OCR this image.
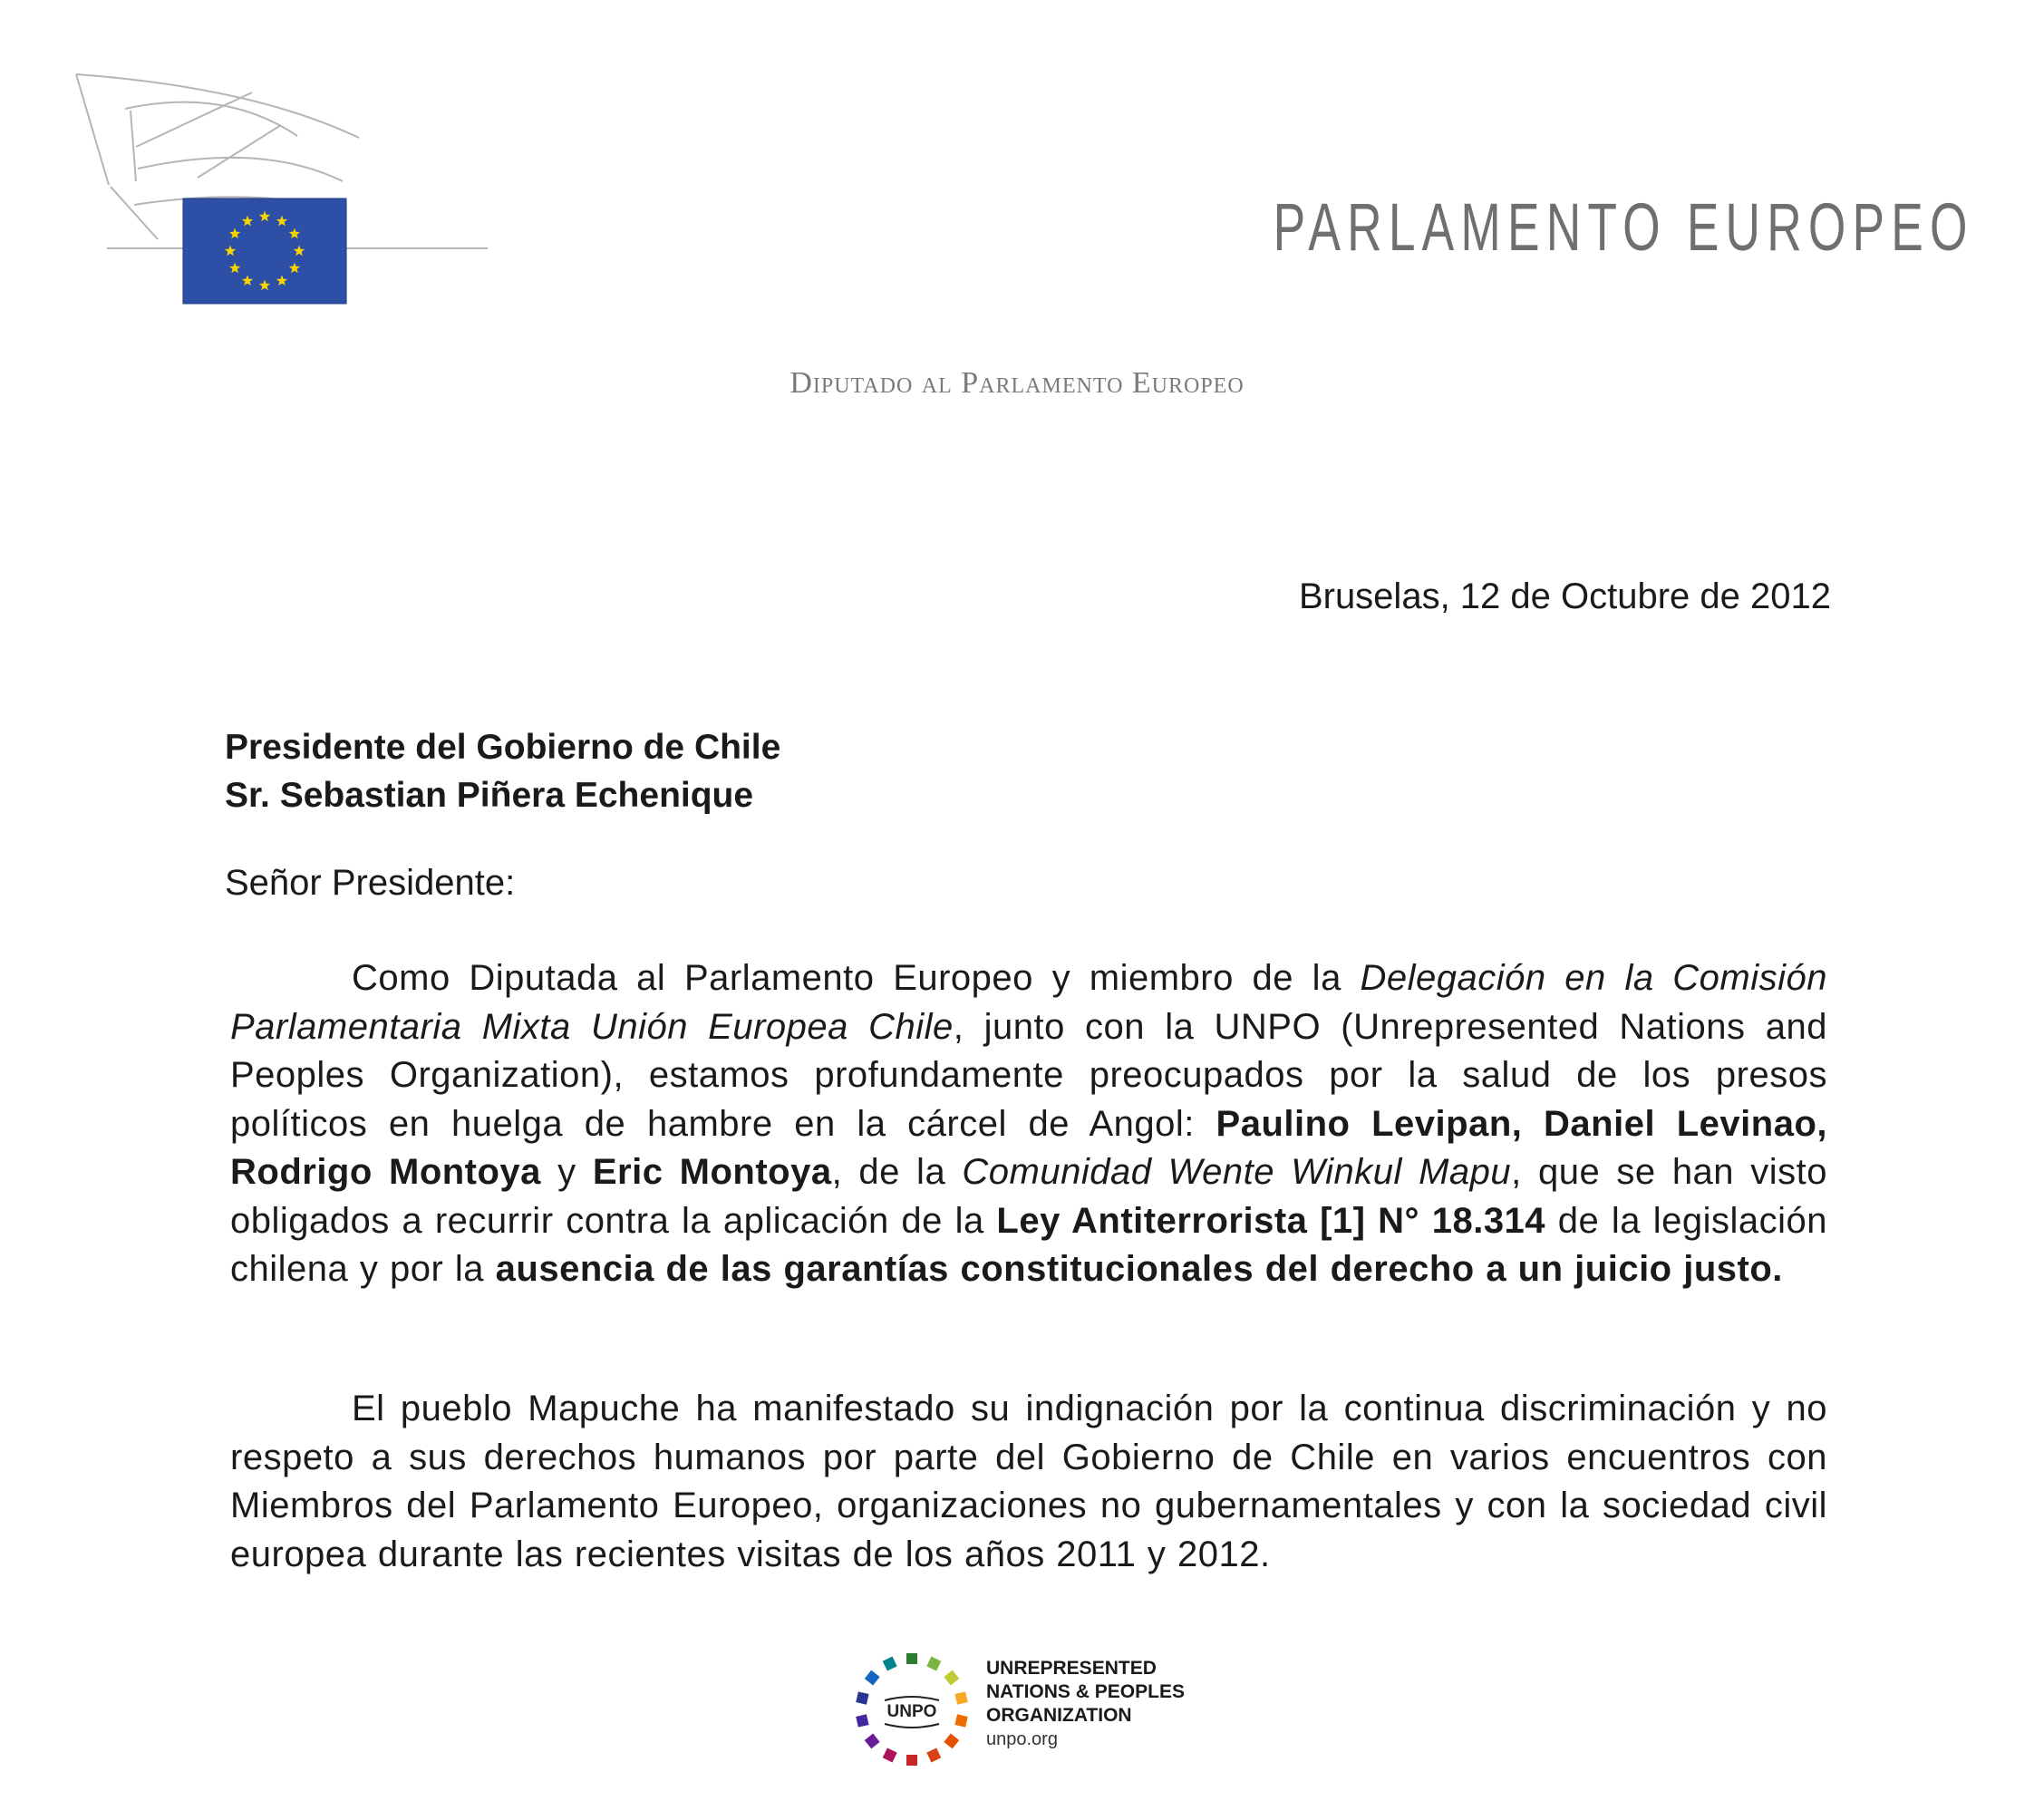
PARLAMENTO EUROPEO
Diputado al Parlamento Europeo
Bruselas, 12 de Octubre de 2012
Presidente del Gobierno de Chile
Sr. Sebastian Piñera Echenique
Señor Presidente:
Como Diputada al Parlamento Europeo y miembro de la Delegación en la Comisión Parlamentaria Mixta Unión Europea Chile, junto con la UNPO (Unrepresented Nations and Peoples Organization), estamos profundamente preocupados por la salud de los presos políticos en huelga de hambre en la cárcel de Angol: Paulino Levipan, Daniel Levinao, Rodrigo Montoya y Eric Montoya, de la Comunidad Wente Winkul Mapu, que se han visto obligados a recurrir contra la aplicación de la Ley Antiterrorista [1] N° 18.314 de la legislación chilena y por la ausencia de las garantías constitucionales del derecho a un juicio justo.
El pueblo Mapuche ha manifestado su indignación por la continua discriminación y no respeto a sus derechos humanos por parte del Gobierno de Chile en varios encuentros con Miembros del Parlamento Europeo, organizaciones no gubernamentales y con la sociedad civil europea durante las recientes visitas de los años 2011 y 2012.
UNPO
UNREPRESENTED
NATIONS & PEOPLES
ORGANIZATION
unpo.org
